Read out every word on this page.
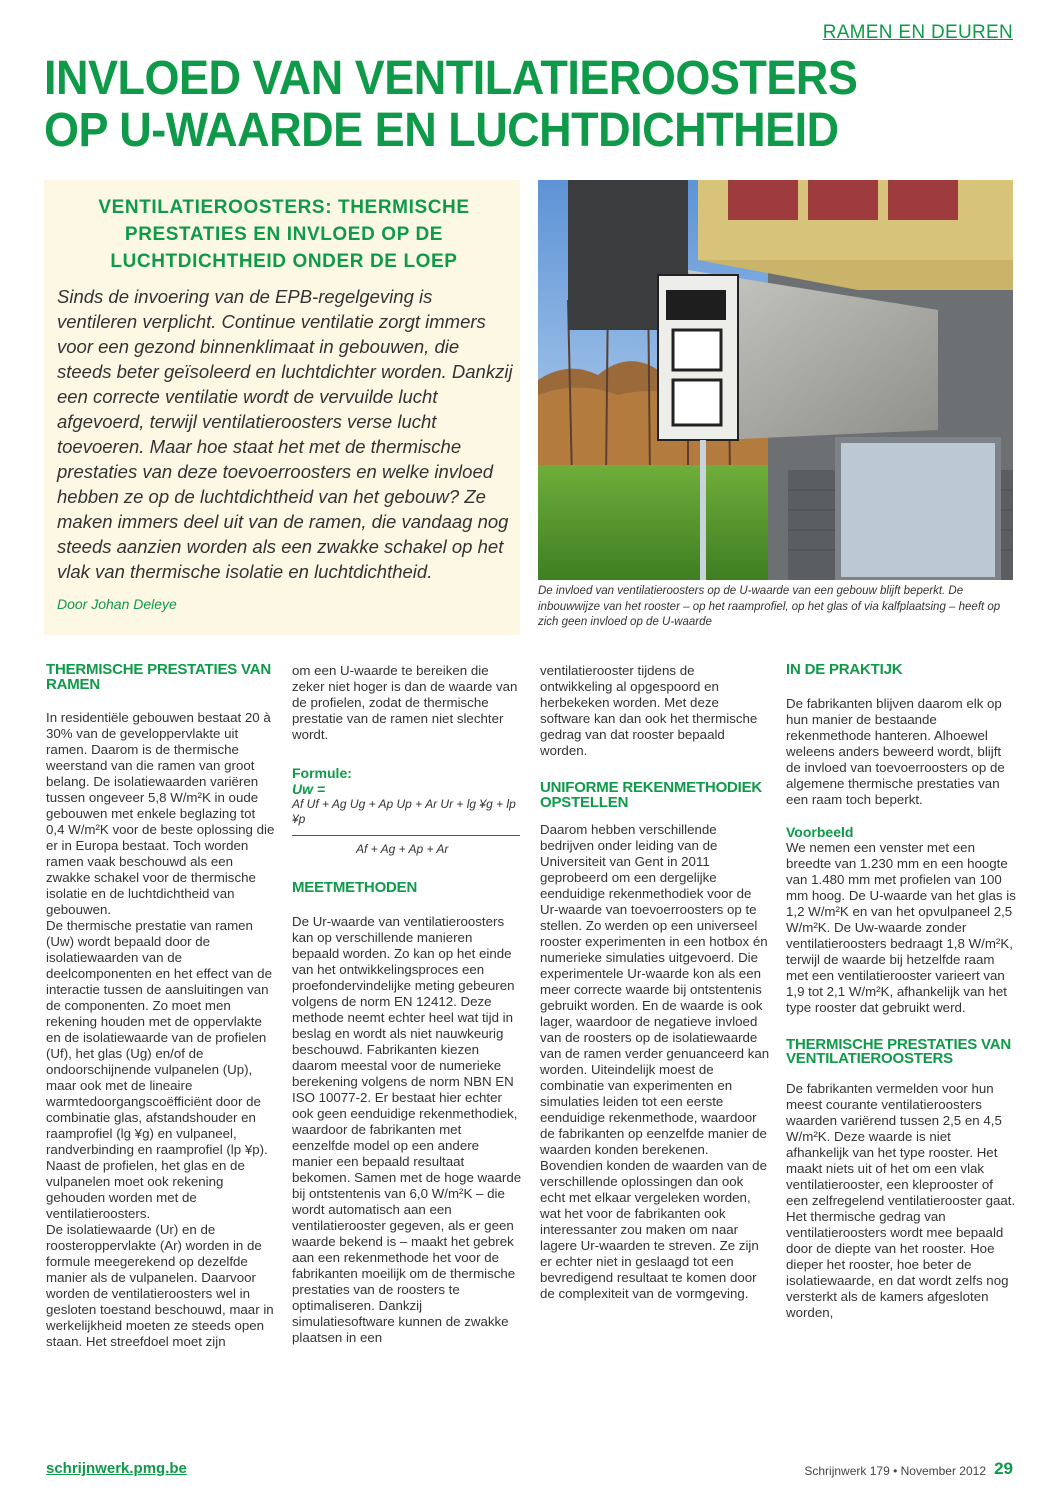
RAMEN EN DEUREN
INVLOED VAN VENTILATIEROOSTERS
OP U-WAARDE EN LUCHTDICHTHEID
VENTILATIEROOSTERS: THERMISCHE PRESTATIES EN INVLOED OP DE LUCHTDICHTHEID ONDER DE LOEP
Sinds de invoering van de EPB-regelgeving is ventileren verplicht. Continue ventilatie zorgt immers voor een gezond binnenklimaat in gebouwen, die steeds beter geïsoleerd en luchtdichter worden. Dankzij een correcte ventilatie wordt de vervuilde lucht afgevoerd, terwijl ventilatieroosters verse lucht toevoeren. Maar hoe staat het met de thermische prestaties van deze toevoerroosters en welke invloed hebben ze op de luchtdichtheid van het gebouw? Ze maken immers deel uit van de ramen, die vandaag nog steeds aanzien worden als een zwakke schakel op het vlak van thermische isolatie en luchtdichtheid.
Door Johan Deleye
De invloed van ventilatieroosters op de U-waarde van een gebouw blijft beperkt. De inbouwwijze van het rooster – op het raamprofiel, op het glas of via kalfplaatsing – heeft op zich geen invloed op de U-waarde
THERMISCHE PRESTATIES VAN RAMEN

In residentiële gebouwen bestaat 20 à 30% van de geveloppervlakte uit ramen. Daarom is de thermische weerstand van die ramen van groot belang. De isolatiewaarden variëren tussen ongeveer 5,8 W/m²K in oude gebouwen met enkele beglazing tot 0,4 W/m²K voor de beste oplossing die er in Europa bestaat. Toch worden ramen vaak beschouwd als een zwakke schakel voor de thermische isolatie en de luchtdichtheid van gebouwen.

De thermische prestatie van ramen (Uw) wordt bepaald door de isolatiewaarden van de deelcomponenten en het effect van de interactie tussen de aansluitingen van de componenten. Zo moet men rekening houden met de oppervlakte en de isolatiewaarde van de profielen (Uf), het glas (Ug) en/of de ondoorschijnende vulpanelen (Up), maar ook met de lineaire warmtedoorgangscoëfficiënt door de combinatie glas, afstandshouder en raamprofiel (lg ¥g) en vulpaneel, randverbinding en raamprofiel (lp ¥p). Naast de profielen, het glas en de vulpanelen moet ook rekening gehouden worden met de ventilatieroosters.

De isolatiewaarde (Ur) en de roosteroppervlakte (Ar) worden in de formule meegerekend op dezelfde manier als de vulpanelen. Daarvoor worden de ventilatieroosters wel in gesloten toestand beschouwd, maar in werkelijkheid moeten ze steeds open staan. Het streefdoel moet zijn

om een U-waarde te bereiken die zeker niet hoger is dan de waarde van de profielen, zodat de thermische prestatie van de ramen niet slechter wordt.

Formule:
Uw =
Af Uf + Ag Ug + Ap Up + Ar Ur + lg ¥g + lp ¥p
Af + Ag + Ap + Ar
MEETMETHODEN

De Ur-waarde van ventilatieroosters kan op verschillende manieren bepaald worden. Zo kan op het einde van het ontwikkelingsproces een proefondervindelijke meting gebeuren volgens de norm EN 12412. Deze methode neemt echter heel wat tijd in beslag en wordt als niet nauwkeurig beschouwd. Fabrikanten kiezen daarom meestal voor de numerieke berekening volgens de norm NBN EN ISO 10077-2. Er bestaat hier echter ook geen eenduidige rekenmethodiek, waardoor de fabrikanten met eenzelfde model op een andere manier een bepaald resultaat bekomen. Samen met de hoge waarde bij ontstentenis van 6,0 W/m²K – die wordt automatisch aan een ventilatierooster gegeven, als er geen waarde bekend is – maakt het gebrek aan een rekenmethode het voor de fabrikanten moeilijk om de thermische prestaties van de roosters te optimaliseren. Dankzij simulatiesoftware kunnen de zwakke plaatsen in een

ventilatierooster tijdens de ontwikkeling al opgespoord en herbekeken worden. Met deze software kan dan ook het thermische gedrag van dat rooster bepaald worden.

UNIFORME REKENMETHODIEK OPSTELLEN

Daarom hebben verschillende bedrijven onder leiding van de Universiteit van Gent in 2011 geprobeerd om een dergelijke eenduidige rekenmethodiek voor de Ur-waarde van toevoerroosters op te stellen. Zo werden op een universeel rooster experimenten in een hotbox én numerieke simulaties uitgevoerd. Die experimentele Ur-waarde kon als een meer correcte waarde bij ontstentenis gebruikt worden. En de waarde is ook lager, waardoor de negatieve invloed van de roosters op de isolatiewaarde van de ramen verder genuanceerd kan worden. Uiteindelijk moest de combinatie van experimenten en simulaties leiden tot een eerste eenduidige rekenmethode, waardoor de fabrikanten op eenzelfde manier de waarden konden berekenen. Bovendien konden de waarden van de verschillende oplossingen dan ook echt met elkaar vergeleken worden, wat het voor de fabrikanten ook interessanter zou maken om naar lagere Ur-waarden te streven. Ze zijn er echter niet in geslaagd tot een bevredigend resultaat te komen door de complexiteit van de vormgeving.

IN DE PRAKTIJK

De fabrikanten blijven daarom elk op hun manier de bestaande rekenmethode hanteren. Alhoewel weleens anders beweerd wordt, blijft de invloed van toevoerroosters op de algemene thermische prestaties van een raam toch beperkt.

Voorbeeld

We nemen een venster met een breedte van 1.230 mm en een hoogte van 1.480 mm met profielen van 100 mm hoog. De U-waarde van het glas is 1,2 W/m²K en van het opvulpaneel 2,5 W/m²K. De Uw-waarde zonder ventilatieroosters bedraagt 1,8 W/m²K, terwijl de waarde bij hetzelfde raam met een ventilatierooster varieert van 1,9 tot 2,1 W/m²K, afhankelijk van het type rooster dat gebruikt werd.

THERMISCHE PRESTATIES VAN VENTILATIEROOSTERS

De fabrikanten vermelden voor hun meest courante ventilatieroosters waarden variërend tussen 2,5 en 4,5 W/m²K. Deze waarde is niet afhankelijk van het type rooster. Het maakt niets uit of het om een vlak ventilatierooster, een kleprooster of een zelfregelend ventilatierooster gaat. Het thermische gedrag van ventilatieroosters wordt mee bepaald door de diepte van het rooster. Hoe dieper het rooster, hoe beter de isolatiewaarde, en dat wordt zelfs nog versterkt als de kamers afgesloten worden,

schrijnwerk.pmg.be	Schrijnwerk 179 • November 2012 29
